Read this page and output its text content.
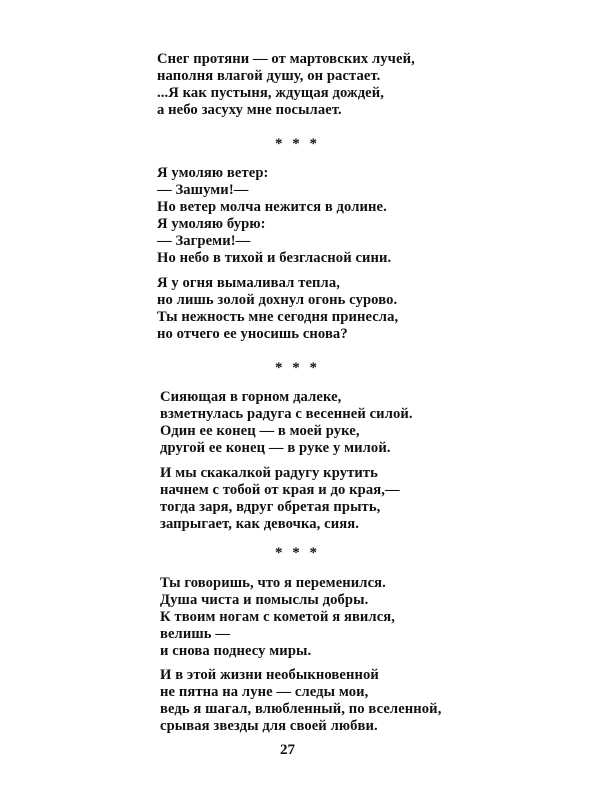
Снег протяни — от мартовских лучей,
наполня влагой душу, он растает.
...Я как пустыня, ждущая дождей,
а небо засуху мне посылает.
* * *
Я умоляю ветер:
— Зашуми!—
Но ветер молча нежится в долине.
Я умоляю бурю:
— Загреми!—
Но небо в тихой и безгласной сини.
Я у огня вымаливал тепла,
но лишь золой дохнул огонь сурово.
Ты нежность мне сегодня принесла,
но отчего ее уносишь снова?
* * *
Сияющая в горном далеке,
взметнулась радуга с весенней силой.
Один ее конец — в моей руке,
другой ее конец — в руке у милой.
И мы скакалкой радугу крутить
начнем с тобой от края и до края,—
тогда заря, вдруг обретая прыть,
запрыгает, как девочка, сияя.
* * *
Ты говоришь, что я переменился.
Душа чиста и помыслы добры.
К твоим ногам с кометой я явился,
велишь —
и снова поднесу миры.
И в этой жизни необыкновенной
не пятна на луне — следы мои,
ведь я шагал, влюбленный, по вселенной,
срывая звезды для своей любви.
27
